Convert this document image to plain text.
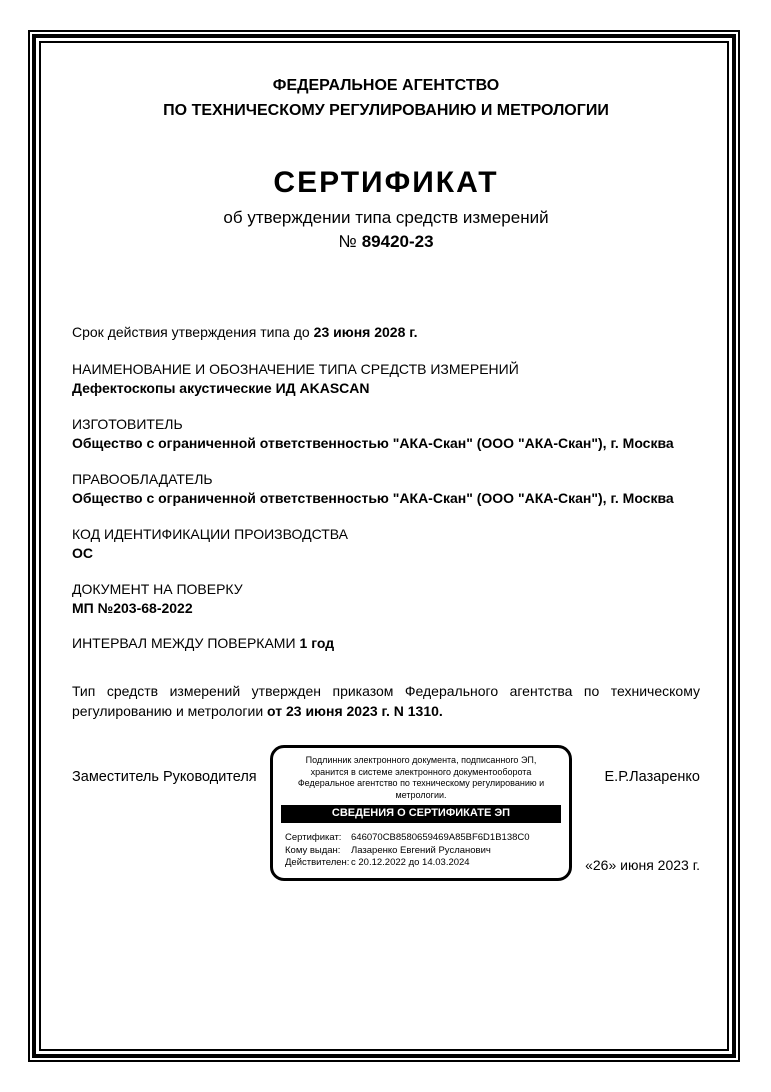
ФЕДЕРАЛЬНОЕ АГЕНТСТВО
ПО ТЕХНИЧЕСКОМУ РЕГУЛИРОВАНИЮ И МЕТРОЛОГИИ
СЕРТИФИКАТ
об утверждении типа средств измерений
№ 89420-23
Срок действия утверждения типа до 23 июня 2028 г.
НАИМЕНОВАНИЕ И ОБОЗНАЧЕНИЕ ТИПА СРЕДСТВ ИЗМЕРЕНИЙ
Дефектоскопы акустические ИД AKASCAN
ИЗГОТОВИТЕЛЬ
Общество с ограниченной ответственностью "АКА-Скан" (ООО "АКА-Скан"), г. Москва
ПРАВООБЛАДАТЕЛЬ
Общество с ограниченной ответственностью "АКА-Скан" (ООО "АКА-Скан"), г. Москва
КОД ИДЕНТИФИКАЦИИ ПРОИЗВОДСТВА
ОС
ДОКУМЕНТ НА ПОВЕРКУ
МП №203-68-2022
ИНТЕРВАЛ МЕЖДУ ПОВЕРКАМИ 1 год
Тип средств измерений утвержден приказом Федерального агентства по техническому регулированию и метрологии от 23 июня 2023 г. N 1310.
Заместитель Руководителя
Подлинник электронного документа, подписанного ЭП,
хранится в системе электронного документооборота
Федеральное агентство по техническому регулированию и
метрологии.
СВЕДЕНИЯ О СЕРТИФИКАТЕ ЭП
Сертификат: 646070CB8580659469A85BF6D1B138C0
Кому выдан: Лазаренко Евгений Русланович
Действителен: с 20.12.2022 до 14.03.2024
Е.Р.Лазаренко
«26» июня 2023 г.
